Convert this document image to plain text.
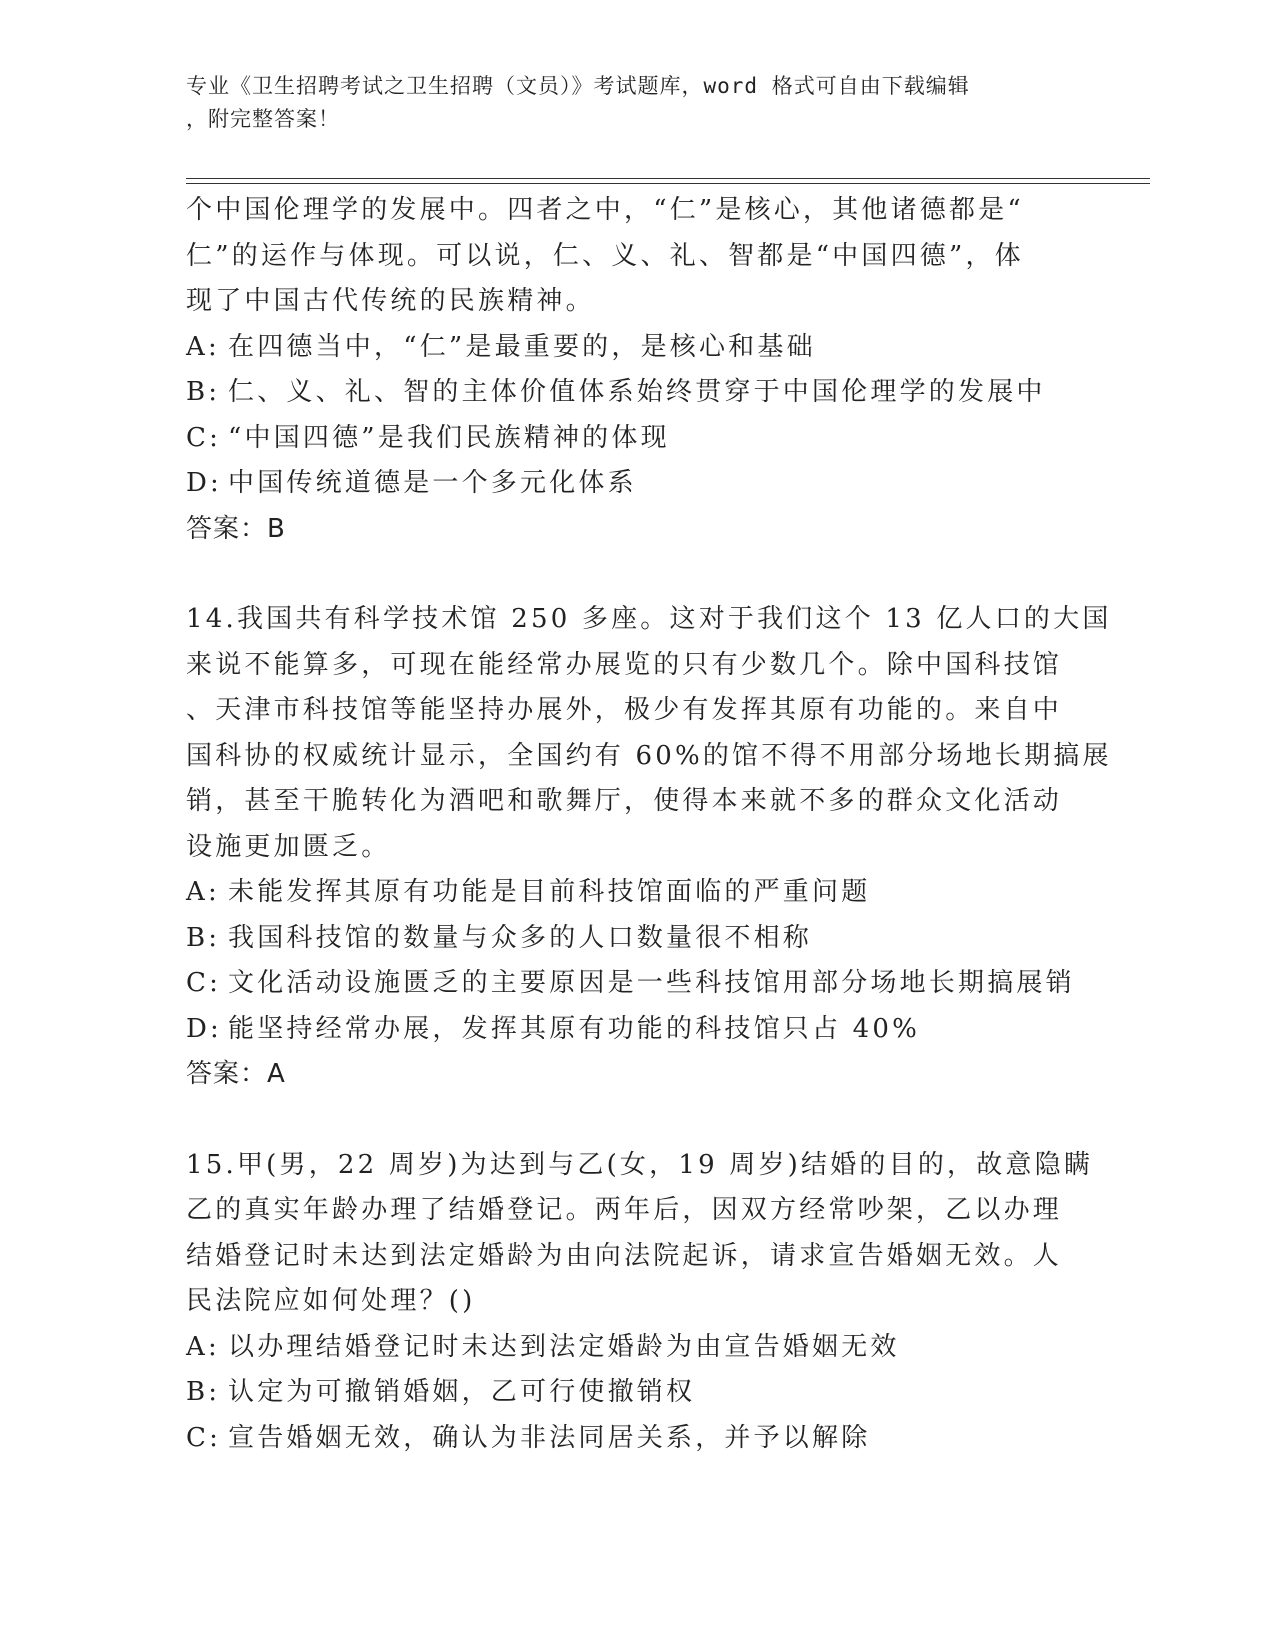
专业《卫生招聘考试之卫生招聘（文员）》考试题库，word 格式可自由下载编辑
，附完整答案！
个中国伦理学的发展中。四者之中，“仁”是核心，其他诸德都是“
仁”的运作与体现。可以说，仁、义、礼、智都是“中国四德”，体
现了中国古代传统的民族精神。
A: 在四德当中，“仁”是最重要的，是核心和基础
B: 仁、义、礼、智的主体价值体系始终贯穿于中国伦理学的发展中
C: “中国四德”是我们民族精神的体现
D: 中国传统道德是一个多元化体系
答案：B
14.我国共有科学技术馆 250 多座。这对于我们这个 13 亿人口的大国
来说不能算多，可现在能经常办展览的只有少数几个。除中国科技馆
、天津市科技馆等能坚持办展外，极少有发挥其原有功能的。来自中
国科协的权威统计显示，全国约有 60%的馆不得不用部分场地长期搞展
销，甚至干脆转化为酒吧和歌舞厅，使得本来就不多的群众文化活动
设施更加匮乏。
A: 未能发挥其原有功能是目前科技馆面临的严重问题
B: 我国科技馆的数量与众多的人口数量很不相称
C: 文化活动设施匮乏的主要原因是一些科技馆用部分场地长期搞展销
D: 能坚持经常办展，发挥其原有功能的科技馆只占 40%
答案：A
15.甲(男，22 周岁)为达到与乙(女，19 周岁)结婚的目的，故意隐瞒
乙的真实年龄办理了结婚登记。两年后，因双方经常吵架，乙以办理
结婚登记时未达到法定婚龄为由向法院起诉，请求宣告婚姻无效。人
民法院应如何处理？()
A: 以办理结婚登记时未达到法定婚龄为由宣告婚姻无效
B: 认定为可撤销婚姻，乙可行使撤销权
C: 宣告婚姻无效，确认为非法同居关系，并予以解除
